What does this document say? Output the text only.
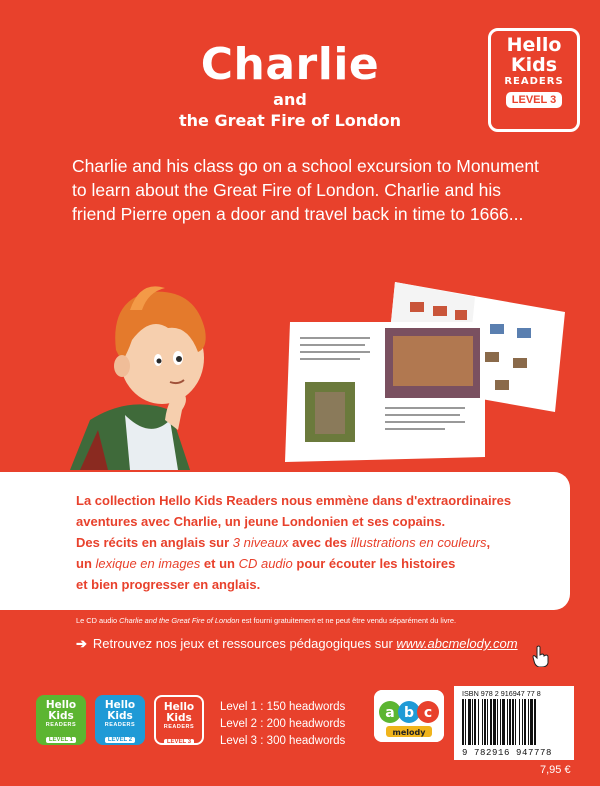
Charlie
and
the Great Fire of London
Hello
Kids
READERS
LEVEL 3

Charlie and his class go on a school excursion to Monument to learn about the Great Fire of London. Charlie and his friend Pierre open a door and travel back in time to 1666...

La collection Hello Kids Readers nous emmène dans d'extraordinaires
aventures avec Charlie, un jeune Londonien et ses copains.
Des récits en anglais sur 3 niveaux avec des illustrations en couleurs,
un lexique en images et un CD audio pour écouter les histoires
et bien progresser en anglais.
Le CD audio Charlie and the Great Fire of London est fourni gratuitement et ne peut être vendu séparément du livre.
➔ Retrouvez nos jeux et ressources pédagogiques sur www.abcmelody.com
Hello
Kids
READERS
LEVEL 1
Hello
Kids
READERS
LEVEL 2
Hello
Kids
READERS
LEVEL 3
Level 1 : 150 headwords
Level 2 : 200 headwords
Level 3 : 300 headwords
a b c
melody
ISBN 978 2 916947 77 8
9 782916 947778
7,95 €
